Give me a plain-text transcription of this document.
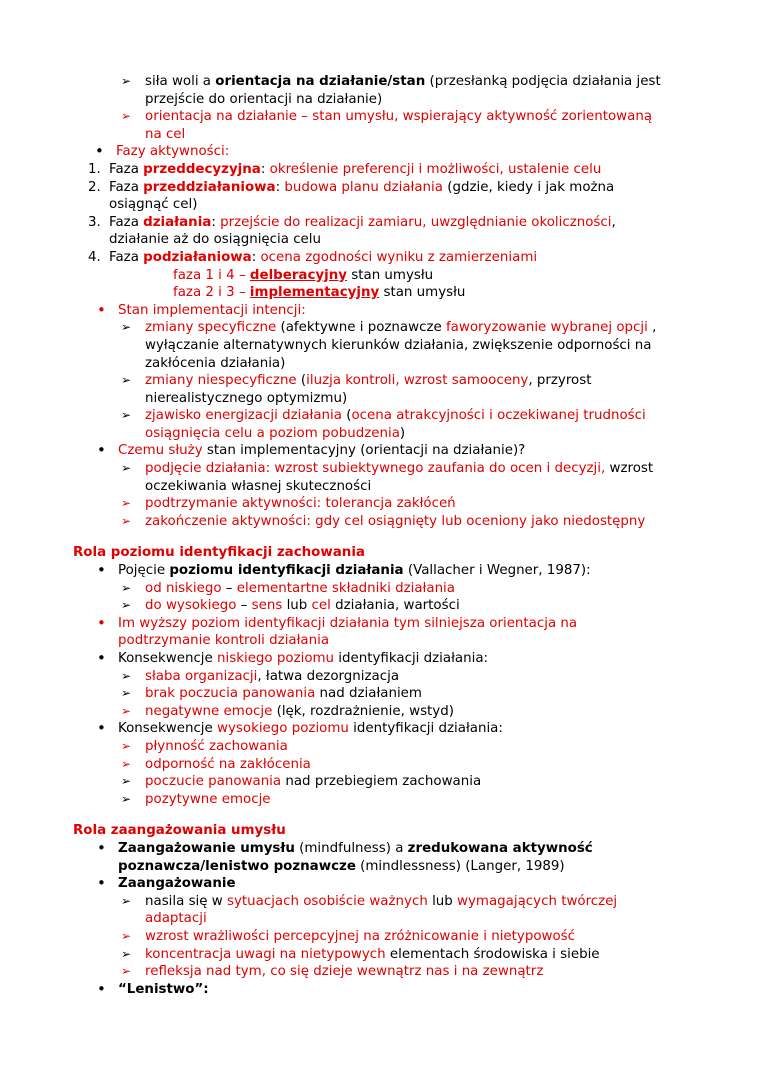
➢ siła woli a orientacja na działanie/stan (przesłanką podjęcia działania jest
przejście do orientacji na działanie)
➢ orientacja na działanie – stan umysłu, wspierający aktywność zorientowaną
na cel
• Fazy aktywności:
1. Faza przeddecyzyjna: określenie preferencji i możliwości, ustalenie celu
2. Faza przeddziałaniowa: budowa planu działania (gdzie, kiedy i jak można
osiągnąć cel)
3. Faza działania: przejście do realizacji zamiaru, uwzględnianie okoliczności,
działanie aż do osiągnięcia celu
4. Faza podziałaniowa: ocena zgodności wyniku z zamierzeniami
faza 1 i 4 – delberacyjny stan umysłu
faza 2 i 3 – implementacyjny stan umysłu
• Stan implementacji intencji:
➢ zmiany specyficzne (afektywne i poznawcze faworyzowanie wybranej opcji ,
wyłączanie alternatywnych kierunków działania, zwiększenie odporności na
zakłócenia działania)
➢ zmiany niespecyficzne (iluzja kontroli, wzrost samooceny, przyrost
nierealistycznego optymizmu)
➢ zjawisko energizacji działania (ocena atrakcyjności i oczekiwanej trudności
osiągnięcia celu a poziom pobudzenia)
• Czemu służy stan implementacyjny (orientacji na działanie)?
➢ podjęcie działania: wzrost subiektywnego zaufania do ocen i decyzji, wzrost
oczekiwania własnej skuteczności
➢ podtrzymanie aktywności: tolerancja zakłóceń
➢ zakończenie aktywności: gdy cel osiągnięty lub oceniony jako niedostępny
Rola poziomu identyfikacji zachowania
• Pojęcie poziomu identyfikacji działania (Vallacher i Wegner, 1987):
➢ od niskiego – elementartne składniki działania
➢ do wysokiego – sens lub cel działania, wartości
• Im wyższy poziom identyfikacji działania tym silniejsza orientacja na
podtrzymanie kontroli działania
• Konsekwencje niskiego poziomu identyfikacji działania:
➢ słaba organizacji, łatwa dezorgnizacja
➢ brak poczucia panowania nad działaniem
➢ negatywne emocje (lęk, rozdrażnienie, wstyd)
• Konsekwencje wysokiego poziomu identyfikacji działania:
➢ płynność zachowania
➢ odporność na zakłócenia
➢ poczucie panowania nad przebiegiem zachowania
➢ pozytywne emocje
Rola zaangażowania umysłu
• Zaangażowanie umysłu (mindfulness) a zredukowana aktywność
poznawcza/lenistwo poznawcze (mindlessness) (Langer, 1989)
• Zaangażowanie
➢ nasila się w sytuacjach osobiście ważnych lub wymagających twórczej
adaptacji
➢ wzrost wrażliwości percepcyjnej na zróżnicowanie i nietypowość
➢ koncentracja uwagi na nietypowych elementach środowiska i siebie
➢ refleksja nad tym, co się dzieje wewnątrz nas i na zewnątrz
• “Lenistwo”:
